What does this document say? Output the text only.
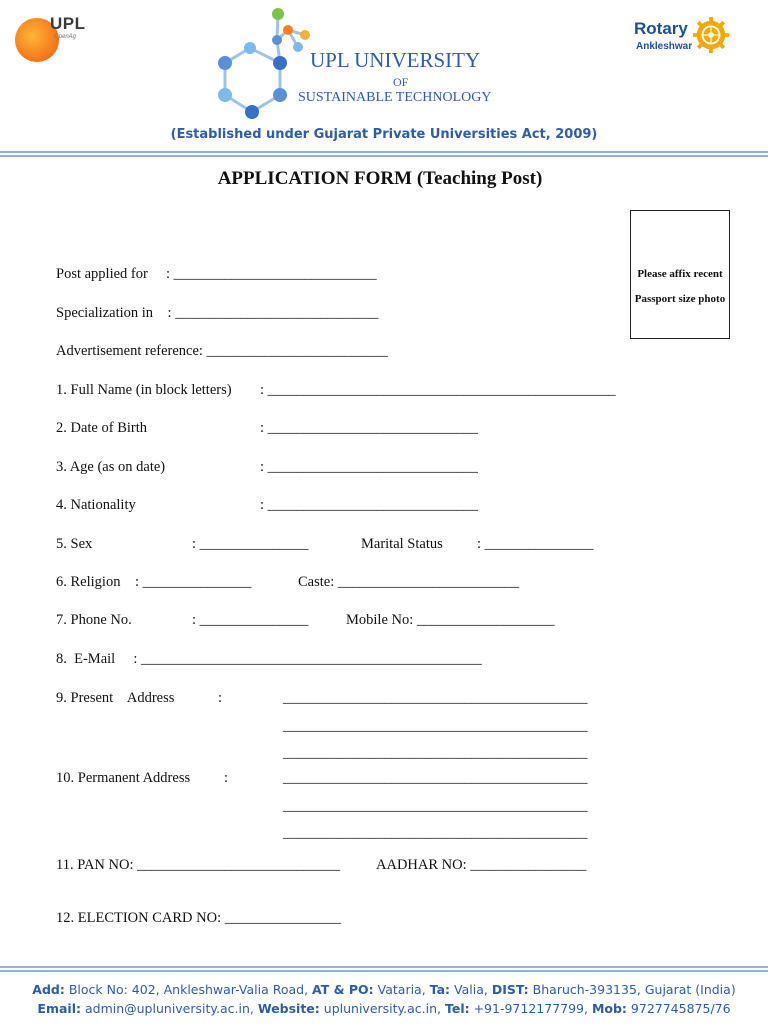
UPL
OpenAg
UPL UNIVERSITY
OF
SUSTAINABLE TECHNOLOGY
Rotary
Ankleshwar
(Established under Gujarat Private Universities Act, 2009)
APPLICATION FORM (Teaching Post)
Please affix recent
Passport size photo
Post applied for     : ____________________________
Specialization in    : ____________________________
Advertisement reference: _________________________
1. Full Name (in block letters) : ________________________________________________
2. Date of Birth	: _____________________________
3. Age (as on date)	: _____________________________
4. Nationality	: _____________________________
5. Sex	: _______________	Marital Status : _______________
6. Religion    : _______________	Caste: _________________________
7. Phone No.	: _______________	Mobile No: ___________________
8.  E-Mail     : _______________________________________________
9. Present    Address	:	__________________________________________
__________________________________________
__________________________________________
10. Permanent Address :	__________________________________________
__________________________________________
__________________________________________
11. PAN NO: ____________________________ AADHAR NO: ________________
12. ELECTION CARD NO: ________________
Add: Block No: 402, Ankleshwar-Valia Road, AT & PO: Vataria, Ta: Valia, DIST: Bharuch-393135, Gujarat (India)
Email: admin@upluniversity.ac.in, Website: upluniversity.ac.in, Tel: +91-9712177799, Mob: 9727745875/76
